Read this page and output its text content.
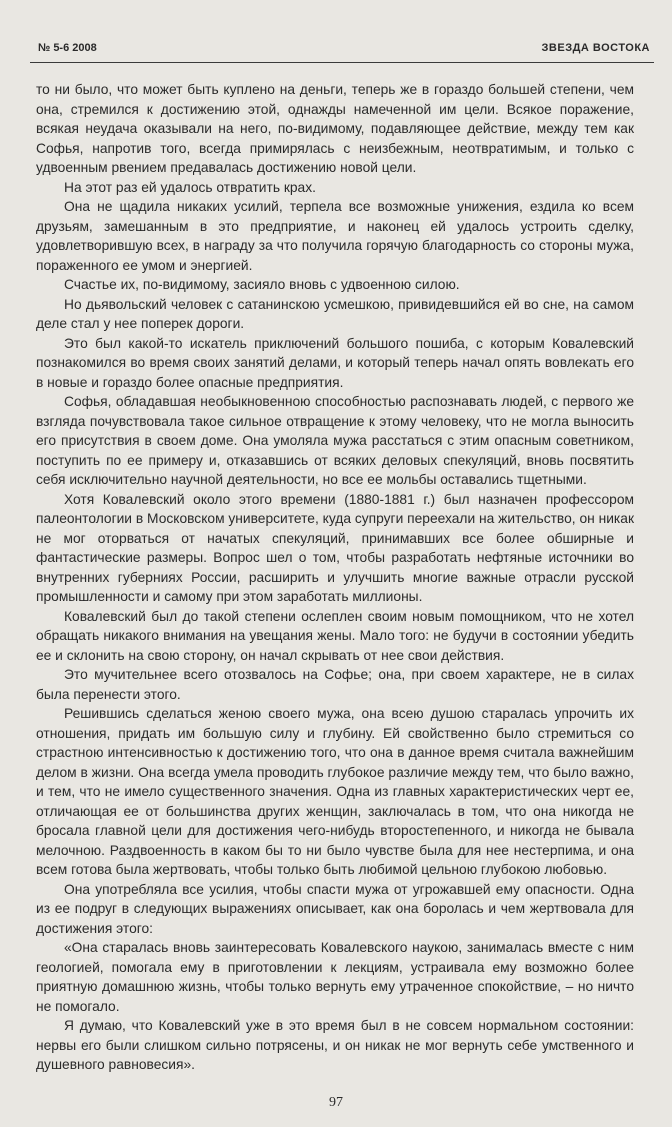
№ 5-6 2008	ЗВЕЗДА ВОСТОКА

то ни было, что может быть куплено на деньги, теперь же в гораздо большей степени, чем она, стремился к достижению этой, однажды намеченной им цели. Всякое поражение, всякая неудача оказывали на него, по-видимому, подавляющее действие, между тем как Софья, напротив того, всегда примирялась с неизбежным, неотвратимым, и только с удвоенным рвением предавалась достижению новой цели.

На этот раз ей удалось отвратить крах.

Она не щадила никаких усилий, терпела все возможные унижения, ездила ко всем друзьям, замешанным в это предприятие, и наконец ей удалось устроить сделку, удовлетворившую всех, в награду за что получила горячую благодарность со стороны мужа, пораженного ее умом и энергией.

Счастье их, по-видимому, засияло вновь с удвоенною силою.

Но дьявольский человек с сатанинскою усмешкою, привидевшийся ей во сне, на самом деле стал у нее поперек дороги.

Это был какой-то искатель приключений большого пошиба, с которым Ковалевский познакомился во время своих занятий делами, и который теперь начал опять вовлекать его в новые и гораздо более опасные предприятия.

Софья, обладавшая необыкновенною способностью распознавать людей, с первого же взгляда почувствовала такое сильное отвращение к этому человеку, что не могла выносить его присутствия в своем доме. Она умоляла мужа расстаться с этим опасным советником, поступить по ее примеру и, отказавшись от всяких деловых спекуляций, вновь посвятить себя исключительно научной деятельности, но все ее мольбы оставались тщетными.

Хотя Ковалевский около этого времени (1880-1881 г.) был назначен профессором палеонтологии в Московском университете, куда супруги переехали на жительство, он никак не мог оторваться от начатых спекуляций, принимавших все более обширные и фантастические размеры. Вопрос шел о том, чтобы разработать нефтяные источники во внутренних губерниях России, расширить и улучшить многие важные отрасли русской промышленности и самому при этом заработать миллионы.

Ковалевский был до такой степени ослеплен своим новым помощником, что не хотел обращать никакого внимания на увещания жены. Мало того: не будучи в состоянии убедить ее и склонить на свою сторону, он начал скрывать от нее свои действия.

Это мучительнее всего отозвалось на Софье; она, при своем характере, не в силах была перенести этого.

Решившись сделаться женою своего мужа, она всею душою старалась упрочить их отношения, придать им большую силу и глубину. Ей свойственно было стремиться со страстною интенсивностью к достижению того, что она в данное время считала важнейшим делом в жизни. Она всегда умела проводить глубокое различие между тем, что было важно, и тем, что не имело существенного значения. Одна из главных характеристических черт ее, отличающая ее от большинства других женщин, заключалась в том, что она никогда не бросала главной цели для достижения чего-нибудь второстепенного, и никогда не бывала мелочною. Раздвоенность в каком бы то ни было чувстве была для нее нестерпима, и она всем готова была жертвовать, чтобы только быть любимой цельною глубокою любовью.

Она употребляла все усилия, чтобы спасти мужа от угрожавшей ему опасности. Одна из ее подруг в следующих выражениях описывает, как она боролась и чем жертвовала для достижения этого:

«Она старалась вновь заинтересовать Ковалевского наукою, занималась вместе с ним геологией, помогала ему в приготовлении к лекциям, устраивала ему возможно более приятную домашнюю жизнь, чтобы только вернуть ему утраченное спокойствие, – но ничто не помогало.

Я думаю, что Ковалевский уже в это время был в не совсем нормальном состоянии: нервы его были слишком сильно потрясены, и он никак не мог вернуть себе умственного и душевного равновесия».

97
